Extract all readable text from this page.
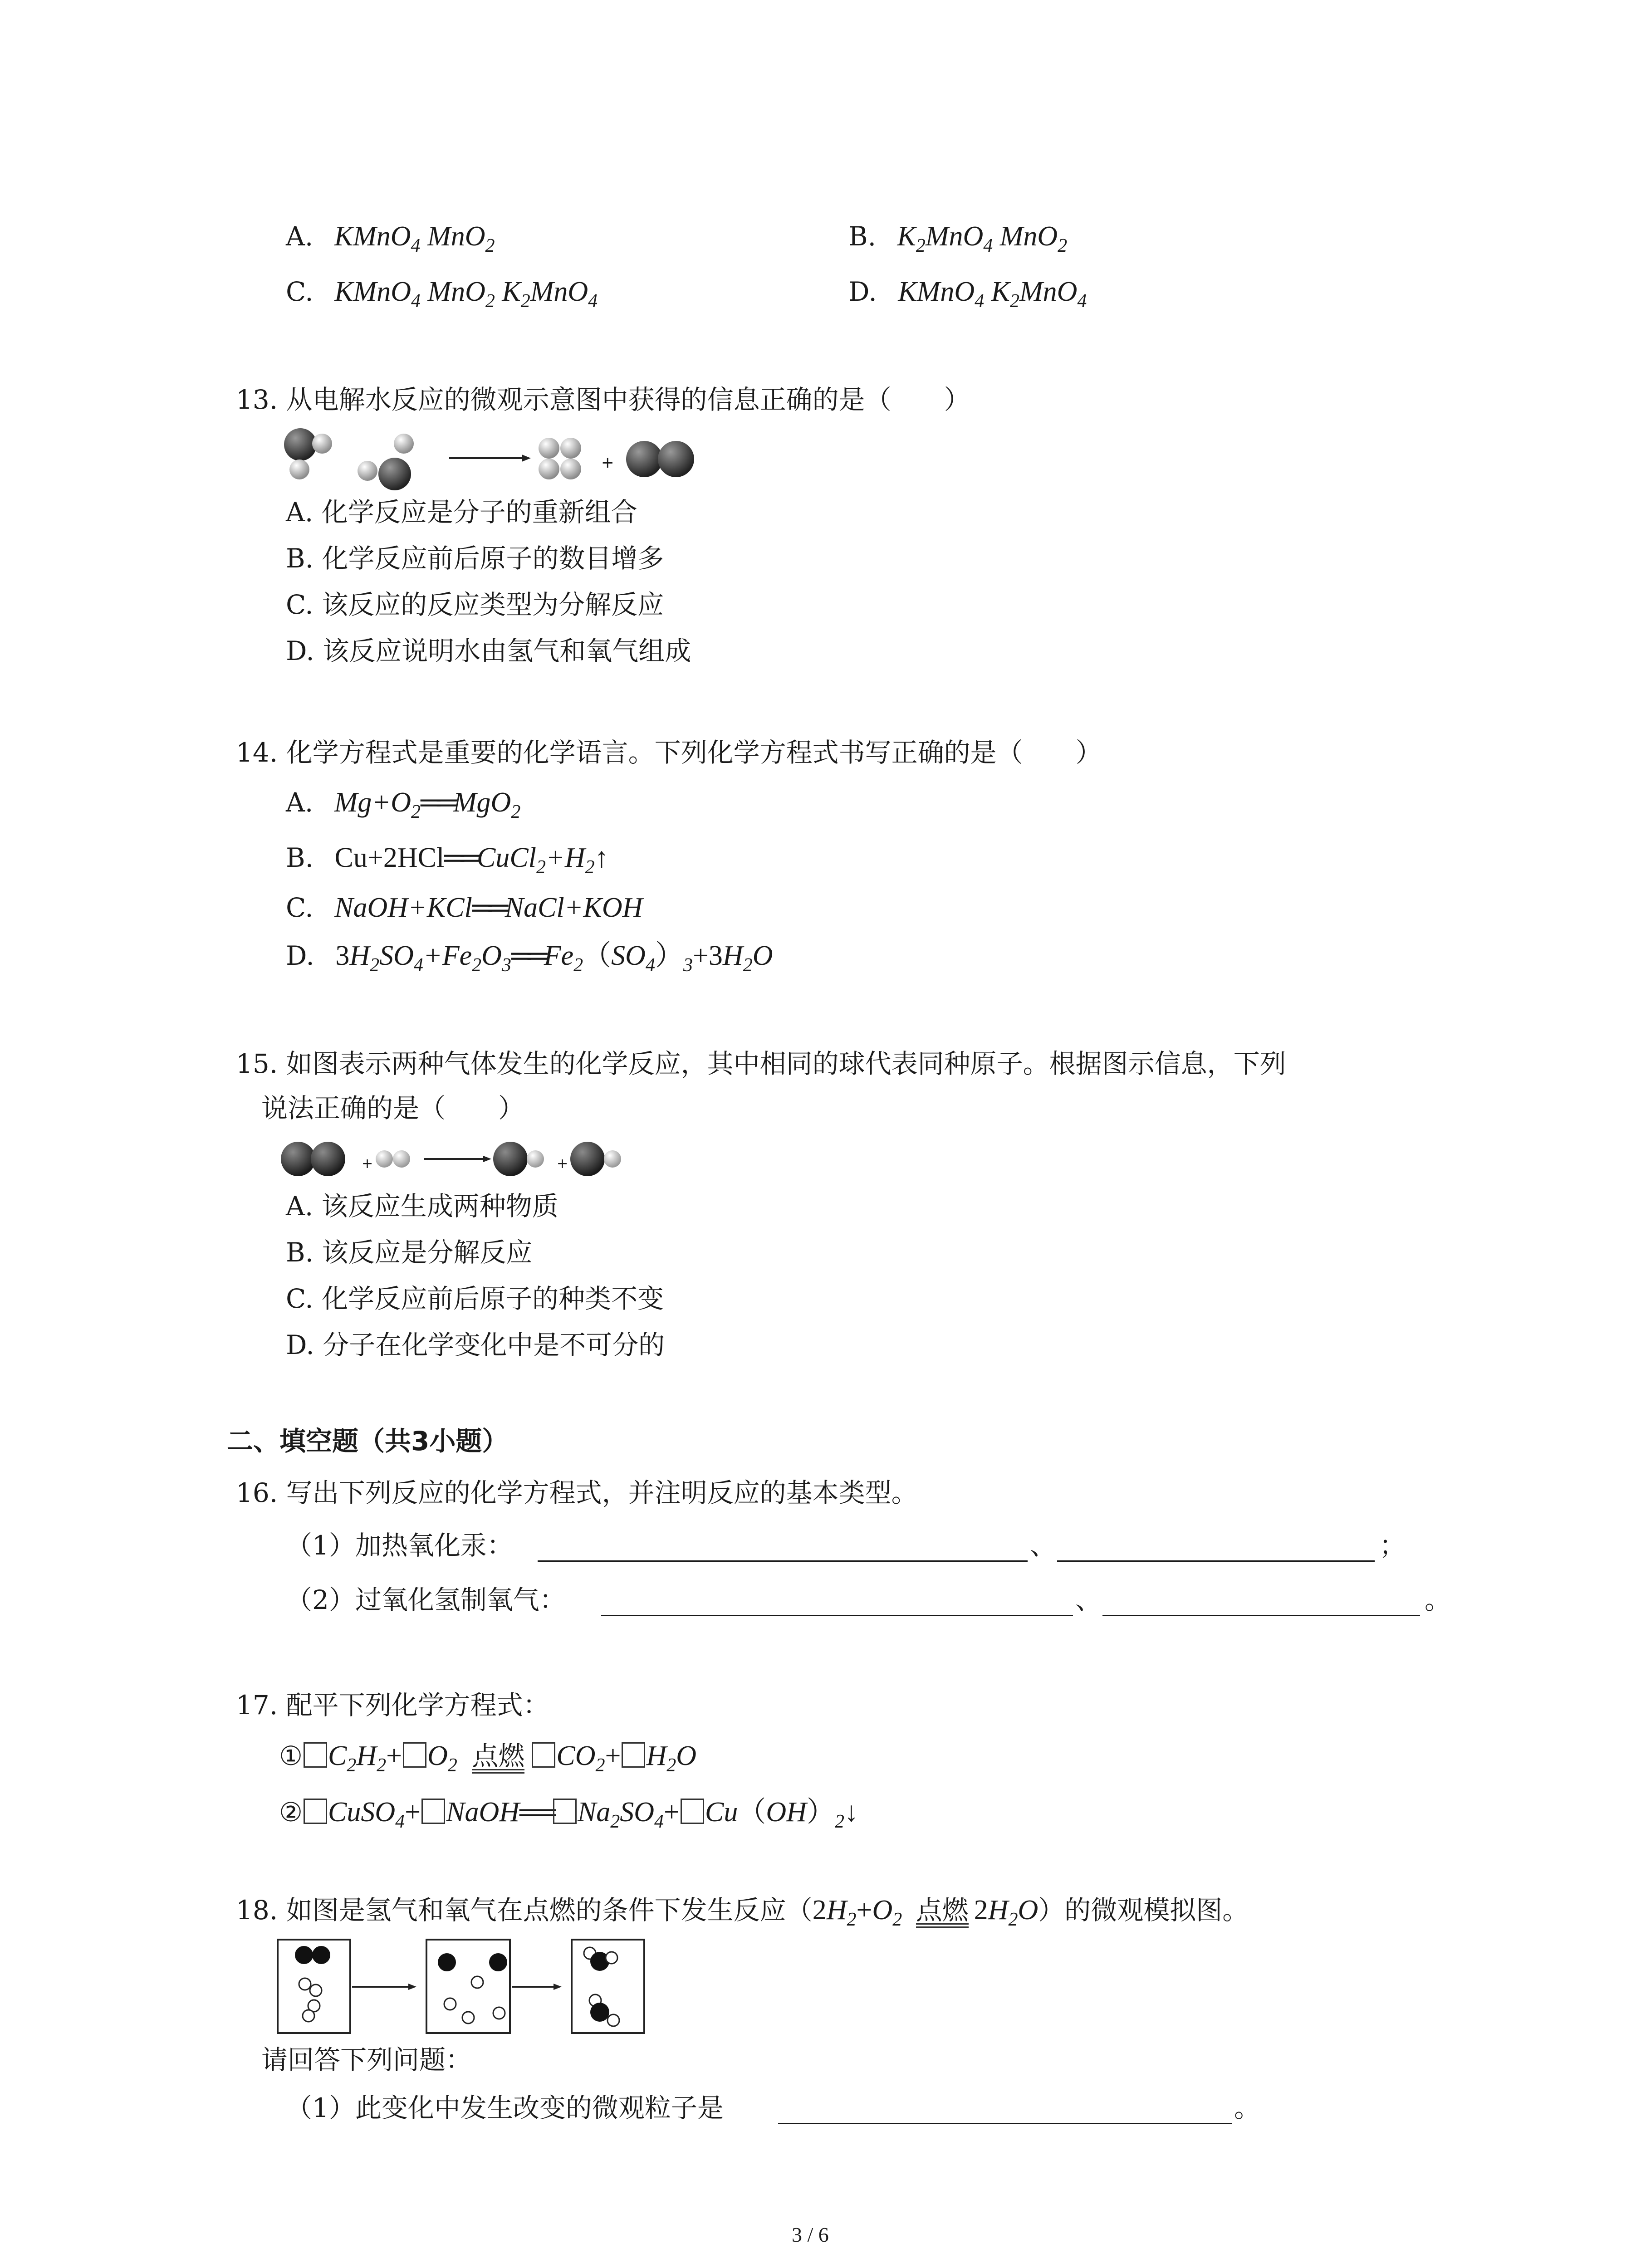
A. KMnO$_4$ MnO$_2$	B. $K_2MnO_4$ MnO$_2$
C. KMnO$_4$ MnO$_2$ $K_2MnO_4$	D. KMnO$_4$ $K_2MnO_4$
13. 从电解水反应的微观示意图中获得的信息正确的是（　　）
+
A. 化学反应是分子的重新组合
B. 化学反应前后原子的数目增多
C. 该反应的反应类型为分解反应
D. 该反应说明水由氢气和氧气组成
14. 化学方程式是重要的化学语言。下列化学方程式书写正确的是（　　）
A. $Mg+O_2══MgO_2$
B. $Cu+2HCl══CuCl_2+H_2↑$
C. NaOH+KCl══NaCl+KOH
D. $3H_2SO_4+Fe_2O_3══Fe_2(SO_4)_3+3H_2O$
15. 如图表示两种气体发生的化学反应，其中相同的球代表同种原子。根据图示信息，下列
说法正确的是（　　）
+	+
A. 该反应生成两种物质
B. 该反应是分解反应
C. 化学反应前后原子的种类不变
D. 分子在化学变化中是不可分的
二、填空题（共3小题）
16. 写出下列反应的化学方程式，并注明反应的基本类型。
（1）加热氧化汞：	、	；
（2）过氧化氢制氧气：	、	。
17. 配平下列化学方程式：
① $C_2H_2+ O_2$ 点燃 $CO_2+ H_2O$
② CuSO$_4$+ NaOH══ $Na_2SO_4+$ $Cu(OH)_2↓$
18. 如图是氢气和氧气在点燃的条件下发生反应（$2H_2+O_2$ 点燃 $2H_2O$）的微观模拟图。
请回答下列问题：
（1）此变化中发生改变的微观粒子是	。
3 / 6
